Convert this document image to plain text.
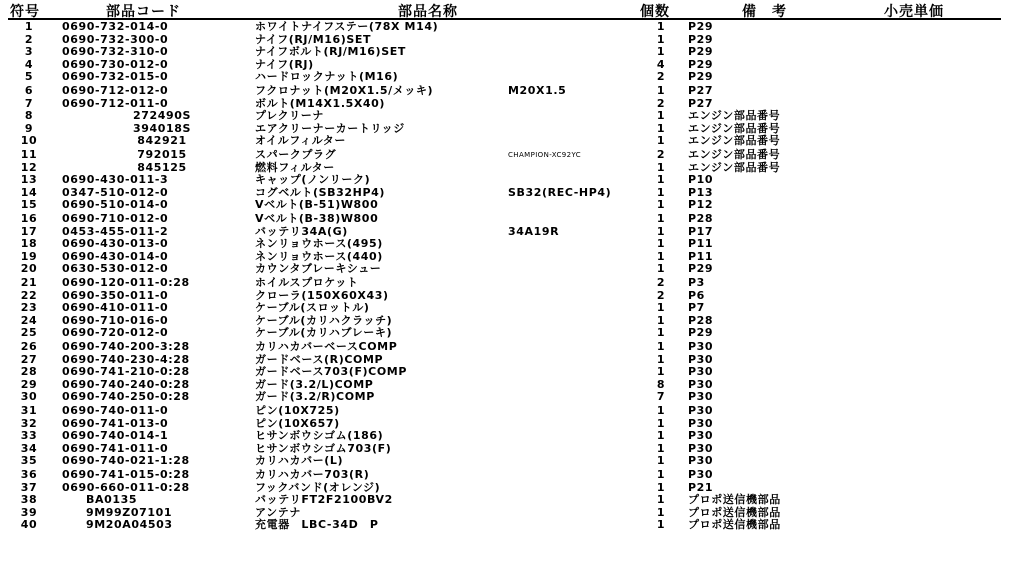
符号	部品コード	部品名称	個数	備　考	小売単価
1	0690-732-014-0	ホワイトナイフステー(78X M14)	1	P29
2	0690-732-300-0	ナイフ(RJ/M16)SET	1	P29
3	0690-732-310-0	ナイフボルト(RJ/M16)SET	1	P29
4	0690-730-012-0	ナイフ(RJ)	4	P29
5	0690-732-015-0	ハードロックナット(M16)	2	P29
6	0690-712-012-0	フクロナット(M20X1.5/メッキ)	M20X1.5	1	P27
7	0690-712-011-0	ボルト(M14X1.5X40)	2	P27
8	272490S	プレクリーナ	1	エンジン部品番号
9	394018S	エアクリーナーカートリッジ	1	エンジン部品番号
10	842921	オイルフィルター	1	エンジン部品番号
11	792015	スパークプラグ	CHAMPION-XC92YC	2	エンジン部品番号
12	845125	燃料フィルター	1	エンジン部品番号
13	0690-430-011-3	キャップ(ノンリーク)	1	P10
14	0347-510-012-0	コグベルト(SB32HP4)	SB32(REC-HP4)	1	P13
15	0690-510-014-0	Vベルト(B-51)W800	1	P12
16	0690-710-012-0	Vベルト(B-38)W800	1	P28
17	0453-455-011-2	バッテリ34A(G)	34A19R	1	P17
18	0690-430-013-0	ネンリョウホース(495)	1	P11
19	0690-430-014-0	ネンリョウホース(440)	1	P11
20	0630-530-012-0	カウンタブレーキシュー	1	P29
21	0690-120-011-0:28	ホイルスプロケット	2	P3
22	0690-350-011-0	クローラ(150X60X43)	2	P6
23	0690-410-011-0	ケーブル(スロットル)	1	P7
24	0690-710-016-0	ケーブル(カリハクラッチ)	1	P28
25	0690-720-012-0	ケーブル(カリハブレーキ)	1	P29
26	0690-740-200-3:28	カリハカバーベースCOMP	1	P30
27	0690-740-230-4:28	ガードベース(R)COMP	1	P30
28	0690-741-210-0:28	ガードベース703(F)COMP	1	P30
29	0690-740-240-0:28	ガード(3.2/L)COMP	8	P30
30	0690-740-250-0:28	ガード(3.2/R)COMP	7	P30
31	0690-740-011-0	ピン(10X725)	1	P30
32	0690-741-013-0	ピン(10X657)	1	P30
33	0690-740-014-1	ヒサンボウシゴム(186)	1	P30
34	0690-741-011-0	ヒサンボウシゴム703(F)	1	P30
35	0690-740-021-1:28	カリハカバー(L)	1	P30
36	0690-741-015-0:28	カリハカバー703(R)	1	P30
37	0690-660-011-0:28	フックバンド(オレンジ)	1	P21
38	BA0135	バッテリFT2F2100BV2	1	プロポ送信機部品
39	9M99Z07101	アンテナ	1	プロポ送信機部品
40	9M20A04503	充電器　LBC-34D　P	1	プロポ送信機部品
